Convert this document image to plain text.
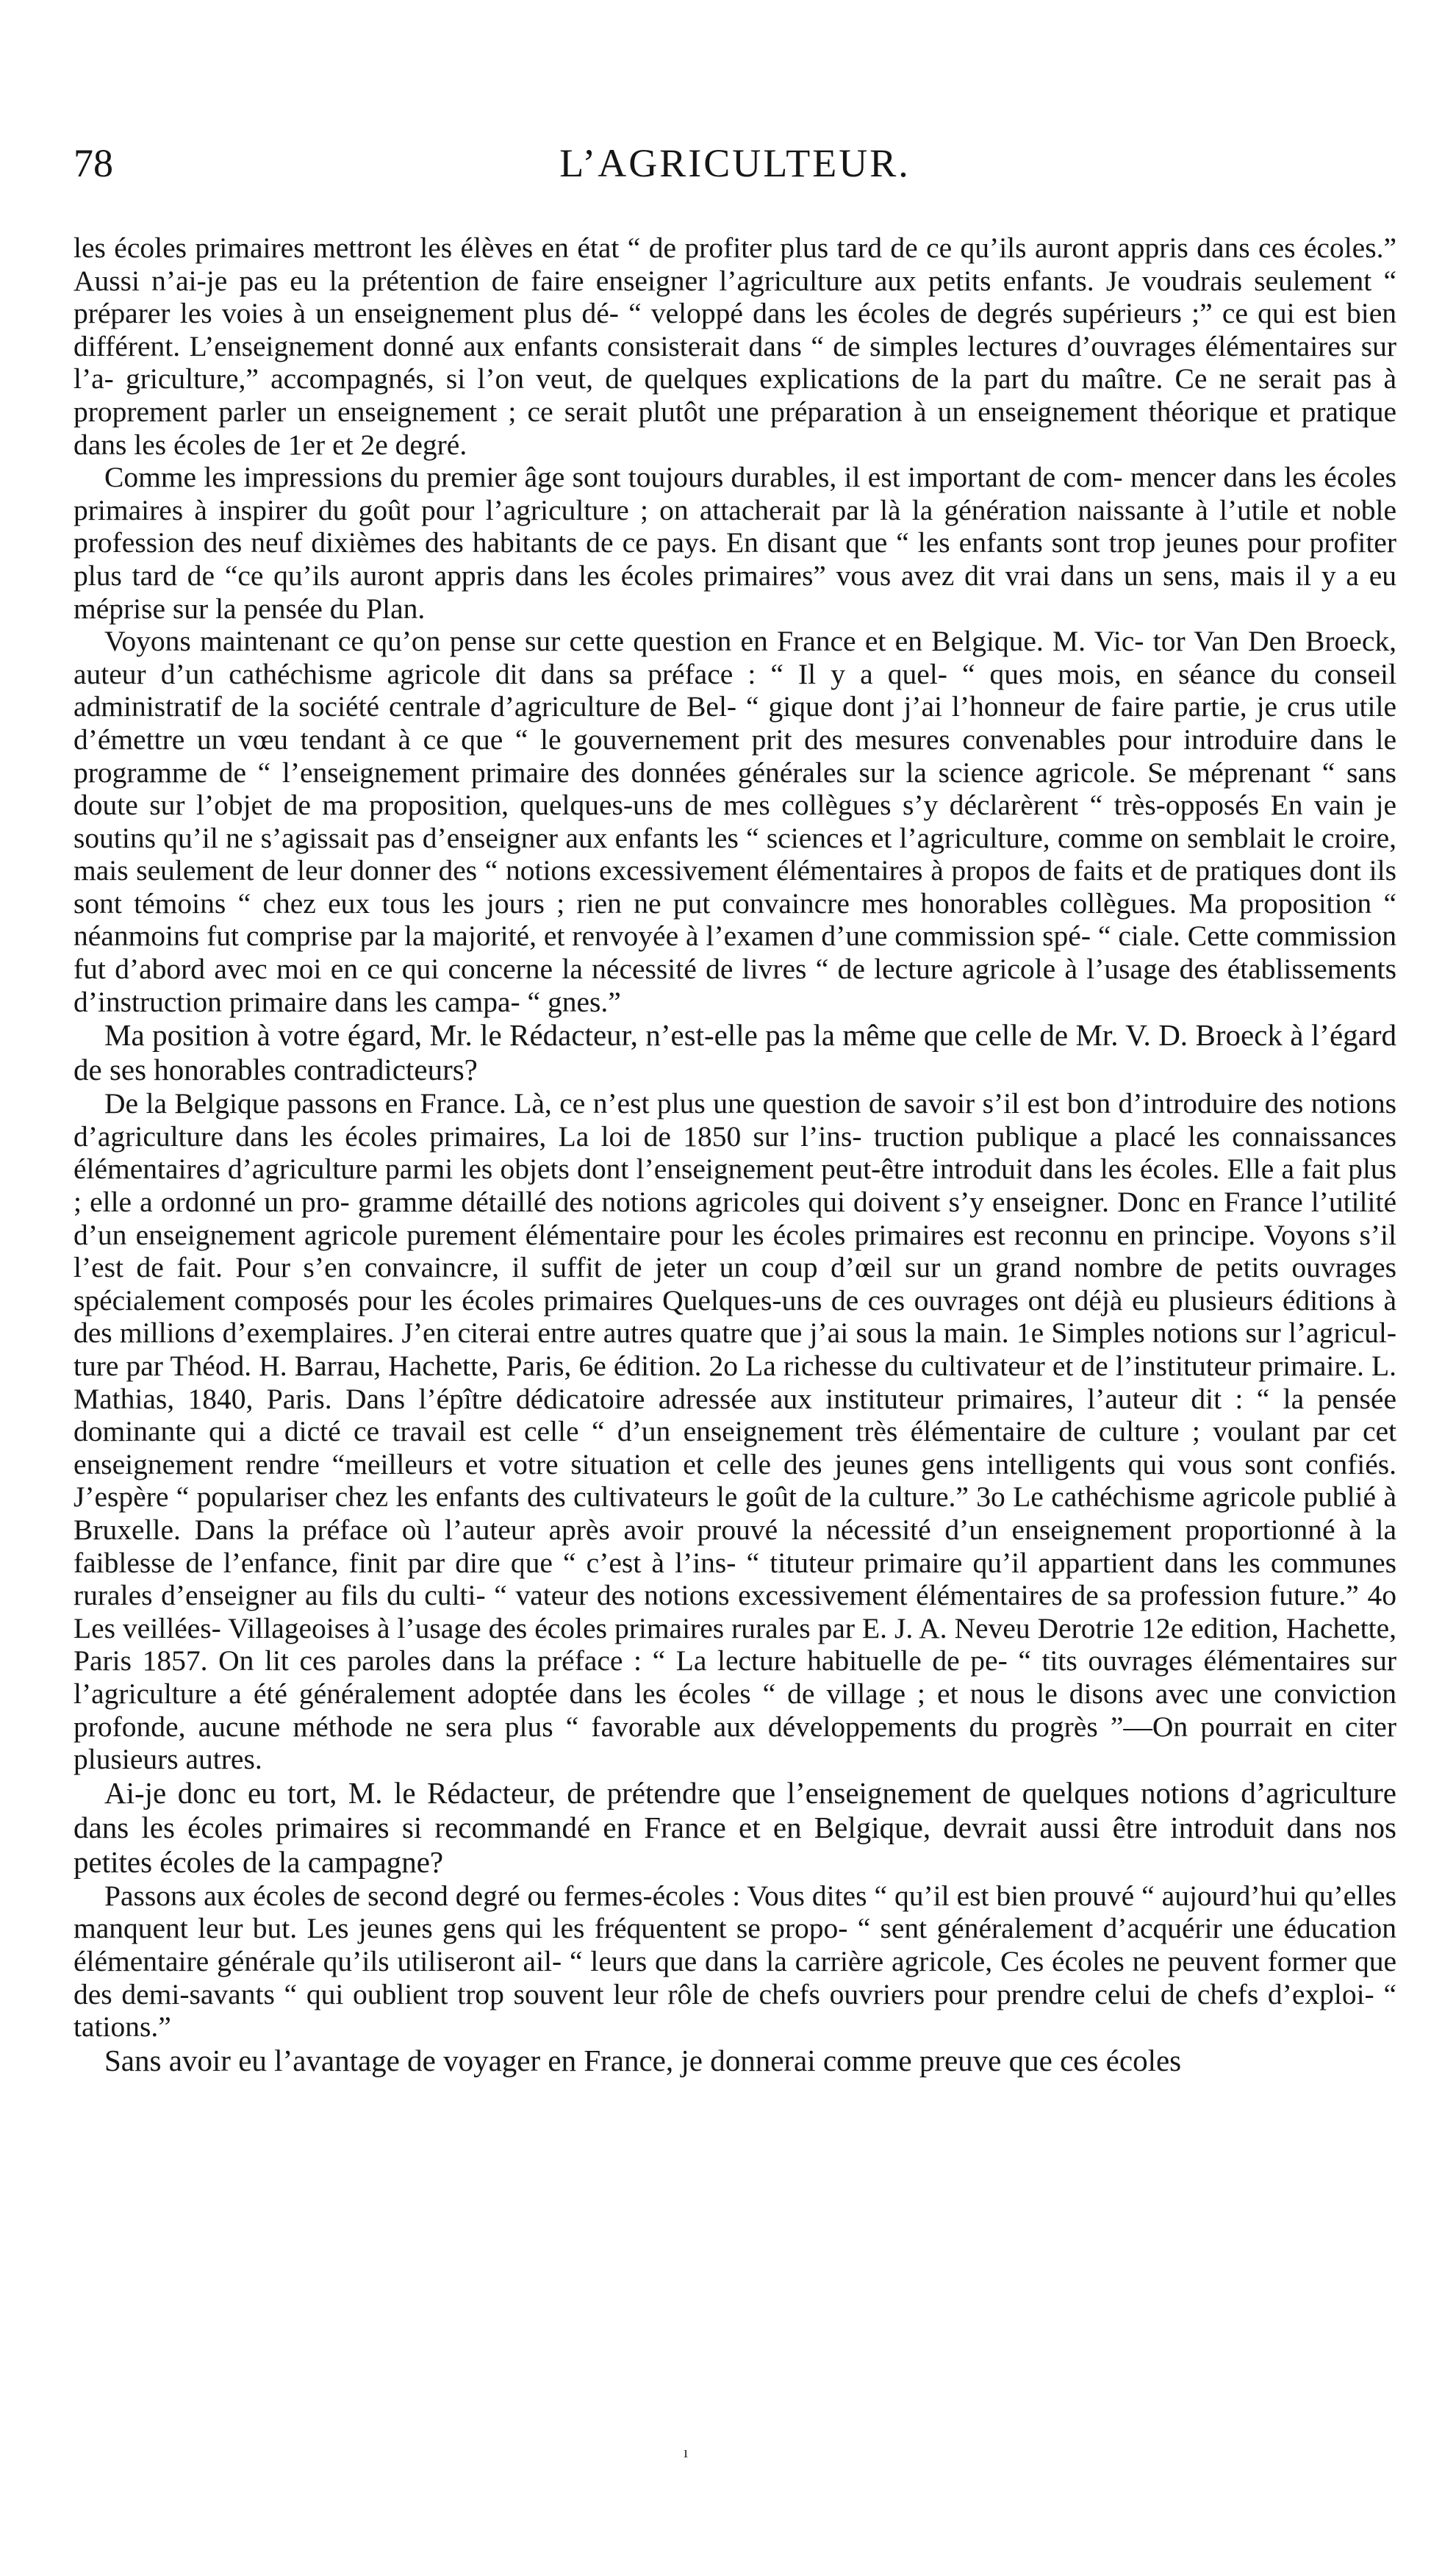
78	L’AGRICULTEUR.

les écoles primaires mettront les élèves en état “ de profiter plus tard de ce qu’ils auront appris dans ces écoles.” Aussi n’ai-je pas eu la prétention de faire enseigner l’agriculture aux petits enfants. Je voudrais seulement “ préparer les voies à un enseignement plus dé- “ veloppé dans les écoles de degrés supérieurs ;” ce qui est bien différent. L’enseignement donné aux enfants consisterait dans “ de simples lectures d’ouvrages élémentaires sur l’a- griculture,” accompagnés, si l’on veut, de quelques explications de la part du maître. Ce ne serait pas à proprement parler un enseignement ; ce serait plutôt une préparation à un enseignement théorique et pratique dans les écoles de 1er et 2e degré.

Comme les impressions du premier âge sont toujours durables, il est important de com- mencer dans les écoles primaires à inspirer du goût pour l’agriculture ; on attacherait par là la génération naissante à l’utile et noble profession des neuf dixièmes des habitants de ce pays. En disant que “ les enfants sont trop jeunes pour profiter plus tard de “ce qu’ils auront appris dans les écoles primaires” vous avez dit vrai dans un sens, mais il y a eu méprise sur la pensée du Plan.

Voyons maintenant ce qu’on pense sur cette question en France et en Belgique. M. Vic- tor Van Den Broeck, auteur d’un cathéchisme agricole dit dans sa préface : “ Il y a quel- “ ques mois, en séance du conseil administratif de la société centrale d’agriculture de Bel- “ gique dont j’ai l’honneur de faire partie, je crus utile d’émettre un vœu tendant à ce que “ le gouvernement prit des mesures convenables pour introduire dans le programme de “ l’enseignement primaire des données générales sur la science agricole. Se méprenant “ sans doute sur l’objet de ma proposition, quelques-uns de mes collègues s’y déclarèrent “ très-opposés En vain je soutins qu’il ne s’agissait pas d’enseigner aux enfants les “ sciences et l’agriculture, comme on semblait le croire, mais seulement de leur donner des “ notions excessivement élémentaires à propos de faits et de pratiques dont ils sont témoins “ chez eux tous les jours ; rien ne put convaincre mes honorables collègues. Ma proposition “ néanmoins fut comprise par la majorité, et renvoyée à l’examen d’une commission spé- “ ciale. Cette commission fut d’abord avec moi en ce qui concerne la nécessité de livres “ de lecture agricole à l’usage des établissements d’instruction primaire dans les campa- “ gnes.”

Ma position à votre égard, Mr. le Rédacteur, n’est-elle pas la même que celle de Mr. V. D. Broeck à l’égard de ses honorables contradicteurs?

De la Belgique passons en France. Là, ce n’est plus une question de savoir s’il est bon d’introduire des notions d’agriculture dans les écoles primaires, La loi de 1850 sur l’ins- truction publique a placé les connaissances élémentaires d’agriculture parmi les objets dont l’enseignement peut-être introduit dans les écoles. Elle a fait plus ; elle a ordonné un pro- gramme détaillé des notions agricoles qui doivent s’y enseigner. Donc en France l’utilité d’un enseignement agricole purement élémentaire pour les écoles primaires est reconnu en principe. Voyons s’il l’est de fait. Pour s’en convaincre, il suffit de jeter un coup d’œil sur un grand nombre de petits ouvrages spécialement composés pour les écoles primaires Quelques-uns de ces ouvrages ont déjà eu plusieurs éditions à des millions d’exemplaires. J’en citerai entre autres quatre que j’ai sous la main. 1e Simples notions sur l’agricul- ture par Théod. H. Barrau, Hachette, Paris, 6e édition. 2o La richesse du cultivateur et de l’instituteur primaire. L. Mathias, 1840, Paris. Dans l’épître dédicatoire adressée aux instituteur primaires, l’auteur dit : “ la pensée dominante qui a dicté ce travail est celle “ d’un enseignement très élémentaire de culture ; voulant par cet enseignement rendre “meilleurs et votre situation et celle des jeunes gens intelligents qui vous sont confiés. J’espère “ populariser chez les enfants des cultivateurs le goût de la culture.” 3o Le cathéchisme agricole publié à Bruxelle. Dans la préface où l’auteur après avoir prouvé la nécessité d’un enseignement proportionné à la faiblesse de l’enfance, finit par dire que “ c’est à l’ins- “ tituteur primaire qu’il appartient dans les communes rurales d’enseigner au fils du culti- “ vateur des notions excessivement élémentaires de sa profession future.” 4o Les veillées- Villageoises à l’usage des écoles primaires rurales par E. J. A. Neveu Derotrie 12e edition, Hachette, Paris 1857. On lit ces paroles dans la préface : “ La lecture habituelle de pe- “ tits ouvrages élémentaires sur l’agriculture a été généralement adoptée dans les écoles “ de village ; et nous le disons avec une conviction profonde, aucune méthode ne sera plus “ favorable aux développements du progrès ”—On pourrait en citer plusieurs autres.

Ai-je donc eu tort, M. le Rédacteur, de prétendre que l’enseignement de quelques notions d’agriculture dans les écoles primaires si recommandé en France et en Belgique, devrait aussi être introduit dans nos petites écoles de la campagne?

Passons aux écoles de second degré ou fermes-écoles : Vous dites “ qu’il est bien prouvé “ aujourd’hui qu’elles manquent leur but. Les jeunes gens qui les fréquentent se propo- “ sent généralement d’acquérir une éducation élémentaire générale qu’ils utiliseront ail- “ leurs que dans la carrière agricole, Ces écoles ne peuvent former que des demi-savants “ qui oublient trop souvent leur rôle de chefs ouvriers pour prendre celui de chefs d’exploi- “ tations.”

Sans avoir eu l’avantage de voyager en France, je donnerai comme preuve que ces écoles

ı
